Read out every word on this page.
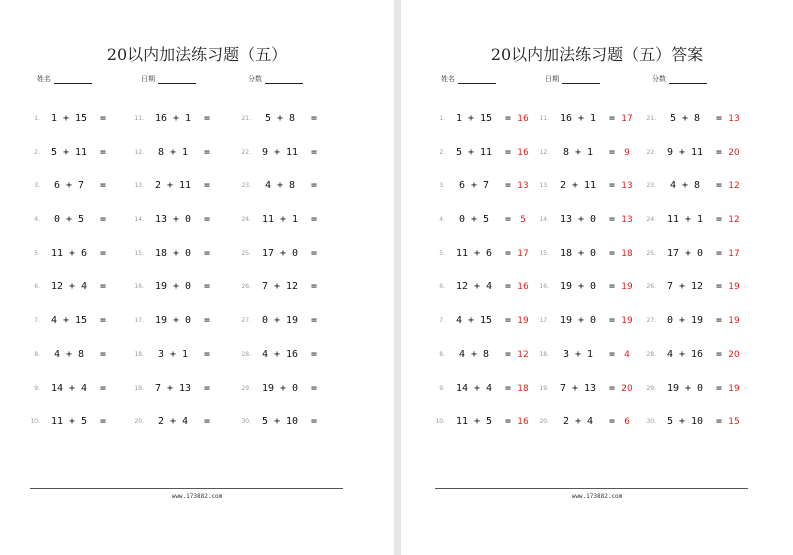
20以内加法练习题（五）
姓名	日期	分数
1.	1 + 15	=
2.	5 + 11	=
3.	6 + 7	=
4.	0 + 5	=
5.	11 + 6	=
6.	12 + 4	=
7.	4 + 15	=
8.	4 + 8	=
9.	14 + 4	=
10.	11 + 5	=
11.	16 + 1	=
12.	8 + 1	=
13.	2 + 11	=
14.	13 + 0	=
15.	18 + 0	=
16.	19 + 0	=
17.	19 + 0	=
18.	3 + 1	=
19.	7 + 13	=
20.	2 + 4	=
21.	5 + 8	=
22.	9 + 11	=
23.	4 + 8	=
24.	11 + 1	=
25.	17 + 0	=
26.	7 + 12	=
27.	0 + 19	=
28.	4 + 16	=
29.	19 + 0	=
30.	5 + 10	=
www.173882.com
20以内加法练习题（五）答案
姓名	日期	分数
1.	1 + 15	= 16
2.	5 + 11	= 16
3.	6 + 7	= 13
4.	0 + 5	=	5
5.	11 + 6	= 17
6.	12 + 4	= 16
7.	4 + 15	= 19
8.	4 + 8	= 12
9.	14 + 4	= 18
10.	11 + 5	= 16
11.	16 + 1	= 17
12.	8 + 1	=	9
13.	2 + 11	= 13
14.	13 + 0	= 13
15.	18 + 0	= 18
16.	19 + 0	= 19
17.	19 + 0	= 19
18.	3 + 1	=	4
19.	7 + 13	= 20
20.	2 + 4	=	6
21.	5 + 8	= 13
22.	9 + 11	= 20
23.	4 + 8	= 12
24.	11 + 1	= 12
25.	17 + 0	= 17
26.	7 + 12	= 19
27.	0 + 19	= 19
28.	4 + 16	= 20
29.	19 + 0	= 19
30.	5 + 10	= 15
www.173882.com
